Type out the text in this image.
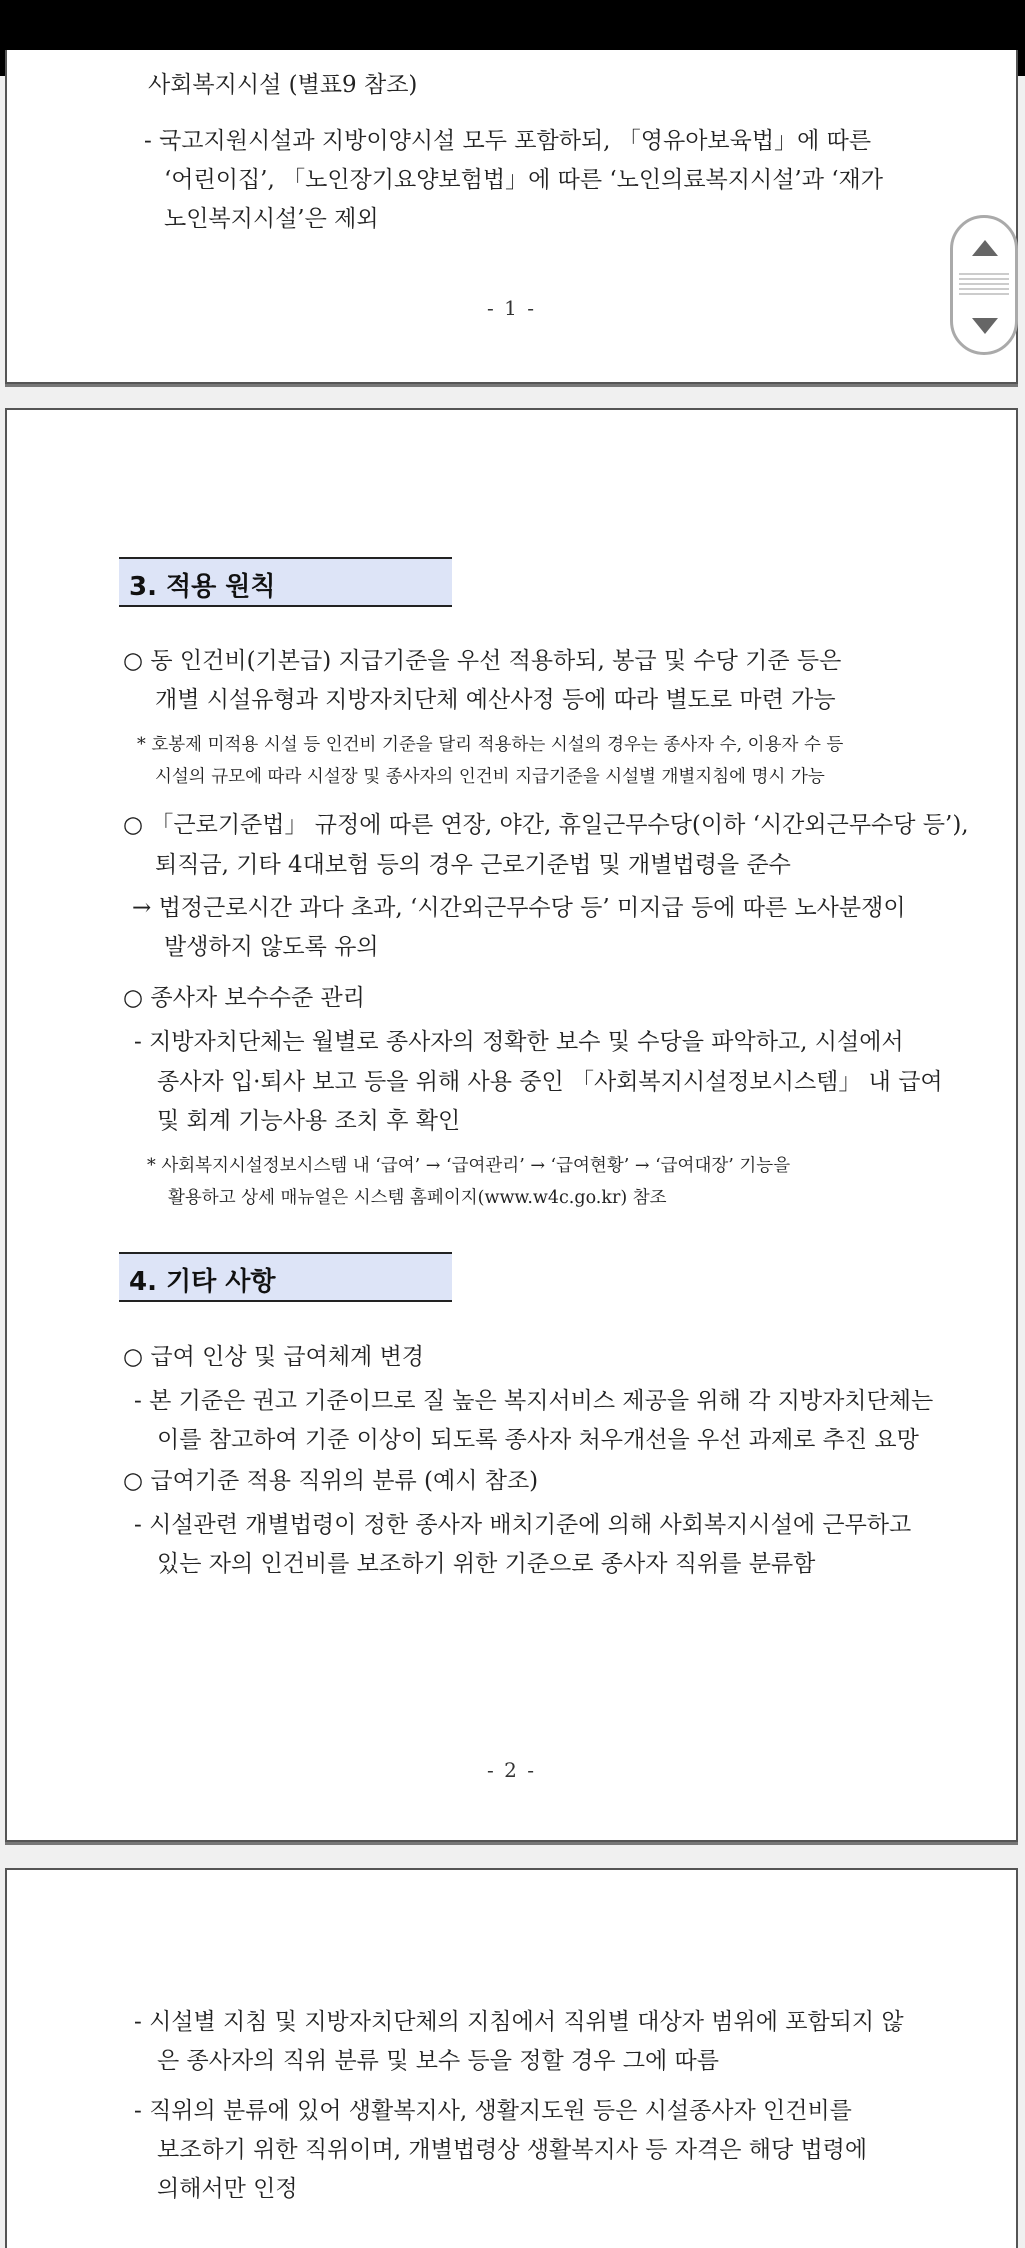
사회복지시설 (별표9 참조)
- 국고지원시설과 지방이양시설 모두 포함하되, 「영유아보육법」에 따른
‘어린이집’, 「노인장기요양보험법」에 따른 ‘노인의료복지시설’과 ‘재가
노인복지시설’은 제외
- 1 -
3. 적용 원칙
○ 동 인건비(기본급) 지급기준을 우선 적용하되, 봉급 및 수당 기준 등은
개별 시설유형과 지방자치단체 예산사정 등에 따라 별도로 마련 가능
* 호봉제 미적용 시설 등 인건비 기준을 달리 적용하는 시설의 경우는 종사자 수, 이용자 수 등
시설의 규모에 따라 시설장 및 종사자의 인건비 지급기준을 시설별 개별지침에 명시 가능
○ 「근로기준법」 규정에 따른 연장, 야간, 휴일근무수당(이하 ‘시간외근무수당 등’),
퇴직금, 기타 4대보험 등의 경우 근로기준법 및 개별법령을 준수
→ 법정근로시간 과다 초과, ‘시간외근무수당 등’ 미지급 등에 따른 노사분쟁이
발생하지 않도록 유의
○ 종사자 보수수준 관리
- 지방자치단체는 월별로 종사자의 정확한 보수 및 수당을 파악하고, 시설에서
종사자 입·퇴사 보고 등을 위해 사용 중인 「사회복지시설정보시스템」 내 급여
및 회계 기능사용 조치 후 확인
* 사회복지시설정보시스템 내 ‘급여’ → ‘급여관리’ → ‘급여현황’ → ‘급여대장’ 기능을
활용하고 상세 매뉴얼은 시스템 홈페이지(www.w4c.go.kr) 참조
4. 기타 사항
○ 급여 인상 및 급여체계 변경
- 본 기준은 권고 기준이므로 질 높은 복지서비스 제공을 위해 각 지방자치단체는
이를 참고하여 기준 이상이 되도록 종사자 처우개선을 우선 과제로 추진 요망
○ 급여기준 적용 직위의 분류 (예시 참조)
- 시설관련 개별법령이 정한 종사자 배치기준에 의해 사회복지시설에 근무하고
있는 자의 인건비를 보조하기 위한 기준으로 종사자 직위를 분류함
- 2 -
- 시설별 지침 및 지방자치단체의 지침에서 직위별 대상자 범위에 포함되지 않
은 종사자의 직위 분류 및 보수 등을 정할 경우 그에 따름
- 직위의 분류에 있어 생활복지사, 생활지도원 등은 시설종사자 인건비를
보조하기 위한 직위이며, 개별법령상 생활복지사 등 자격은 해당 법령에
의해서만 인정
